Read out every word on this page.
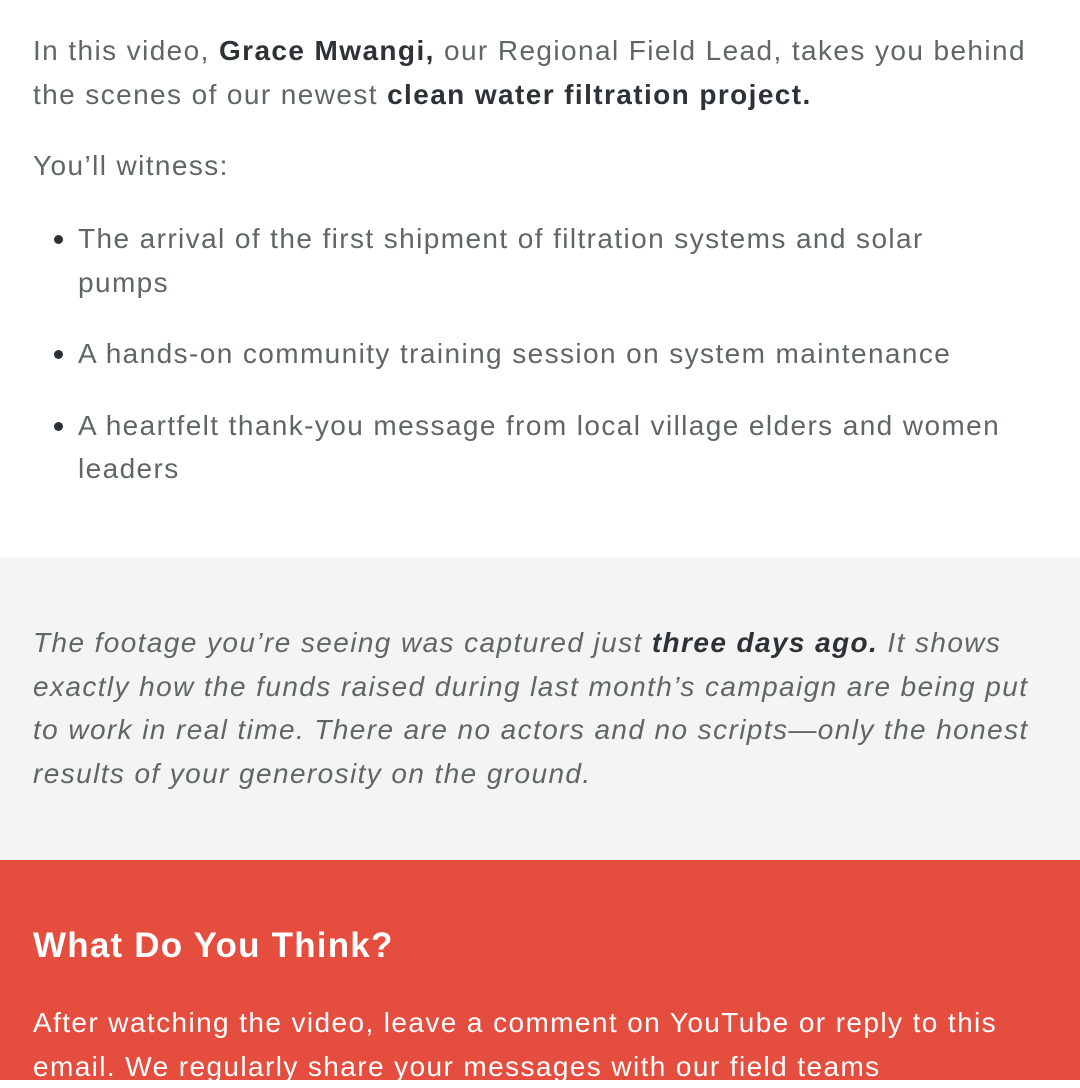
In this video, Grace Mwangi, our Regional Field Lead, takes you behind the scenes of our newest clean water filtration project.

You’ll witness:

The arrival of the first shipment of filtration systems and solar pumps
A hands-on community training session on system maintenance
A heartfelt thank-you message from local village elders and women leaders

The footage you’re seeing was captured just three days ago. It shows exactly how the funds raised during last month’s campaign are being put to work in real time. There are no actors and no scripts—only the honest results of your generosity on the ground.

What Do You Think?

After watching the video, leave a comment on YouTube or reply to this email. We regularly share your messages with our field teams
